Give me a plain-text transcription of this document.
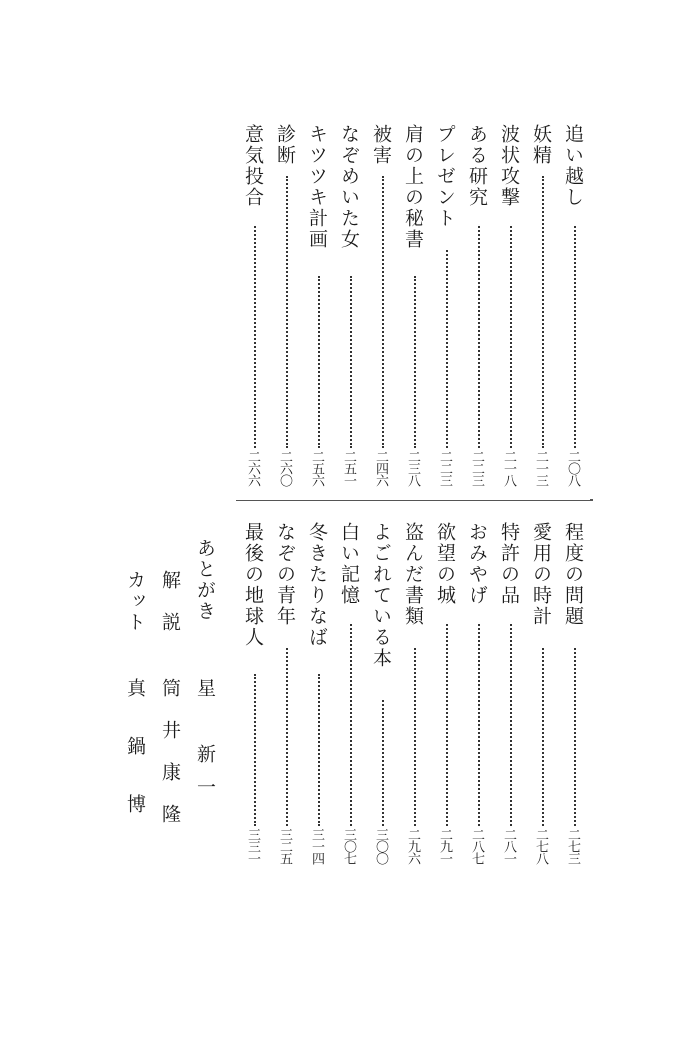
追い越し
二〇八
妖精
二一三
波状攻撃
二一八
ある研究
二二三
プレゼント
二二三
肩の上の秘書
二三八
被害
二四六
なぞめいた女
二五一
キツツキ計画
二五六
診断
二六〇
意気投合
二六六
程度の問題
二七三
愛用の時計
二七八
特許の品
二八一
おみやげ
二八七
欲望の城
二九一
盗んだ書類
二九六
よごれている本
三〇〇
白い記憶
三〇七
冬きたりなば
三一四
なぞの青年
三二五
最後の地球人
三三一
あとがき
星　新一
解　説
筒　井　康　隆
カット
真　鍋　博
